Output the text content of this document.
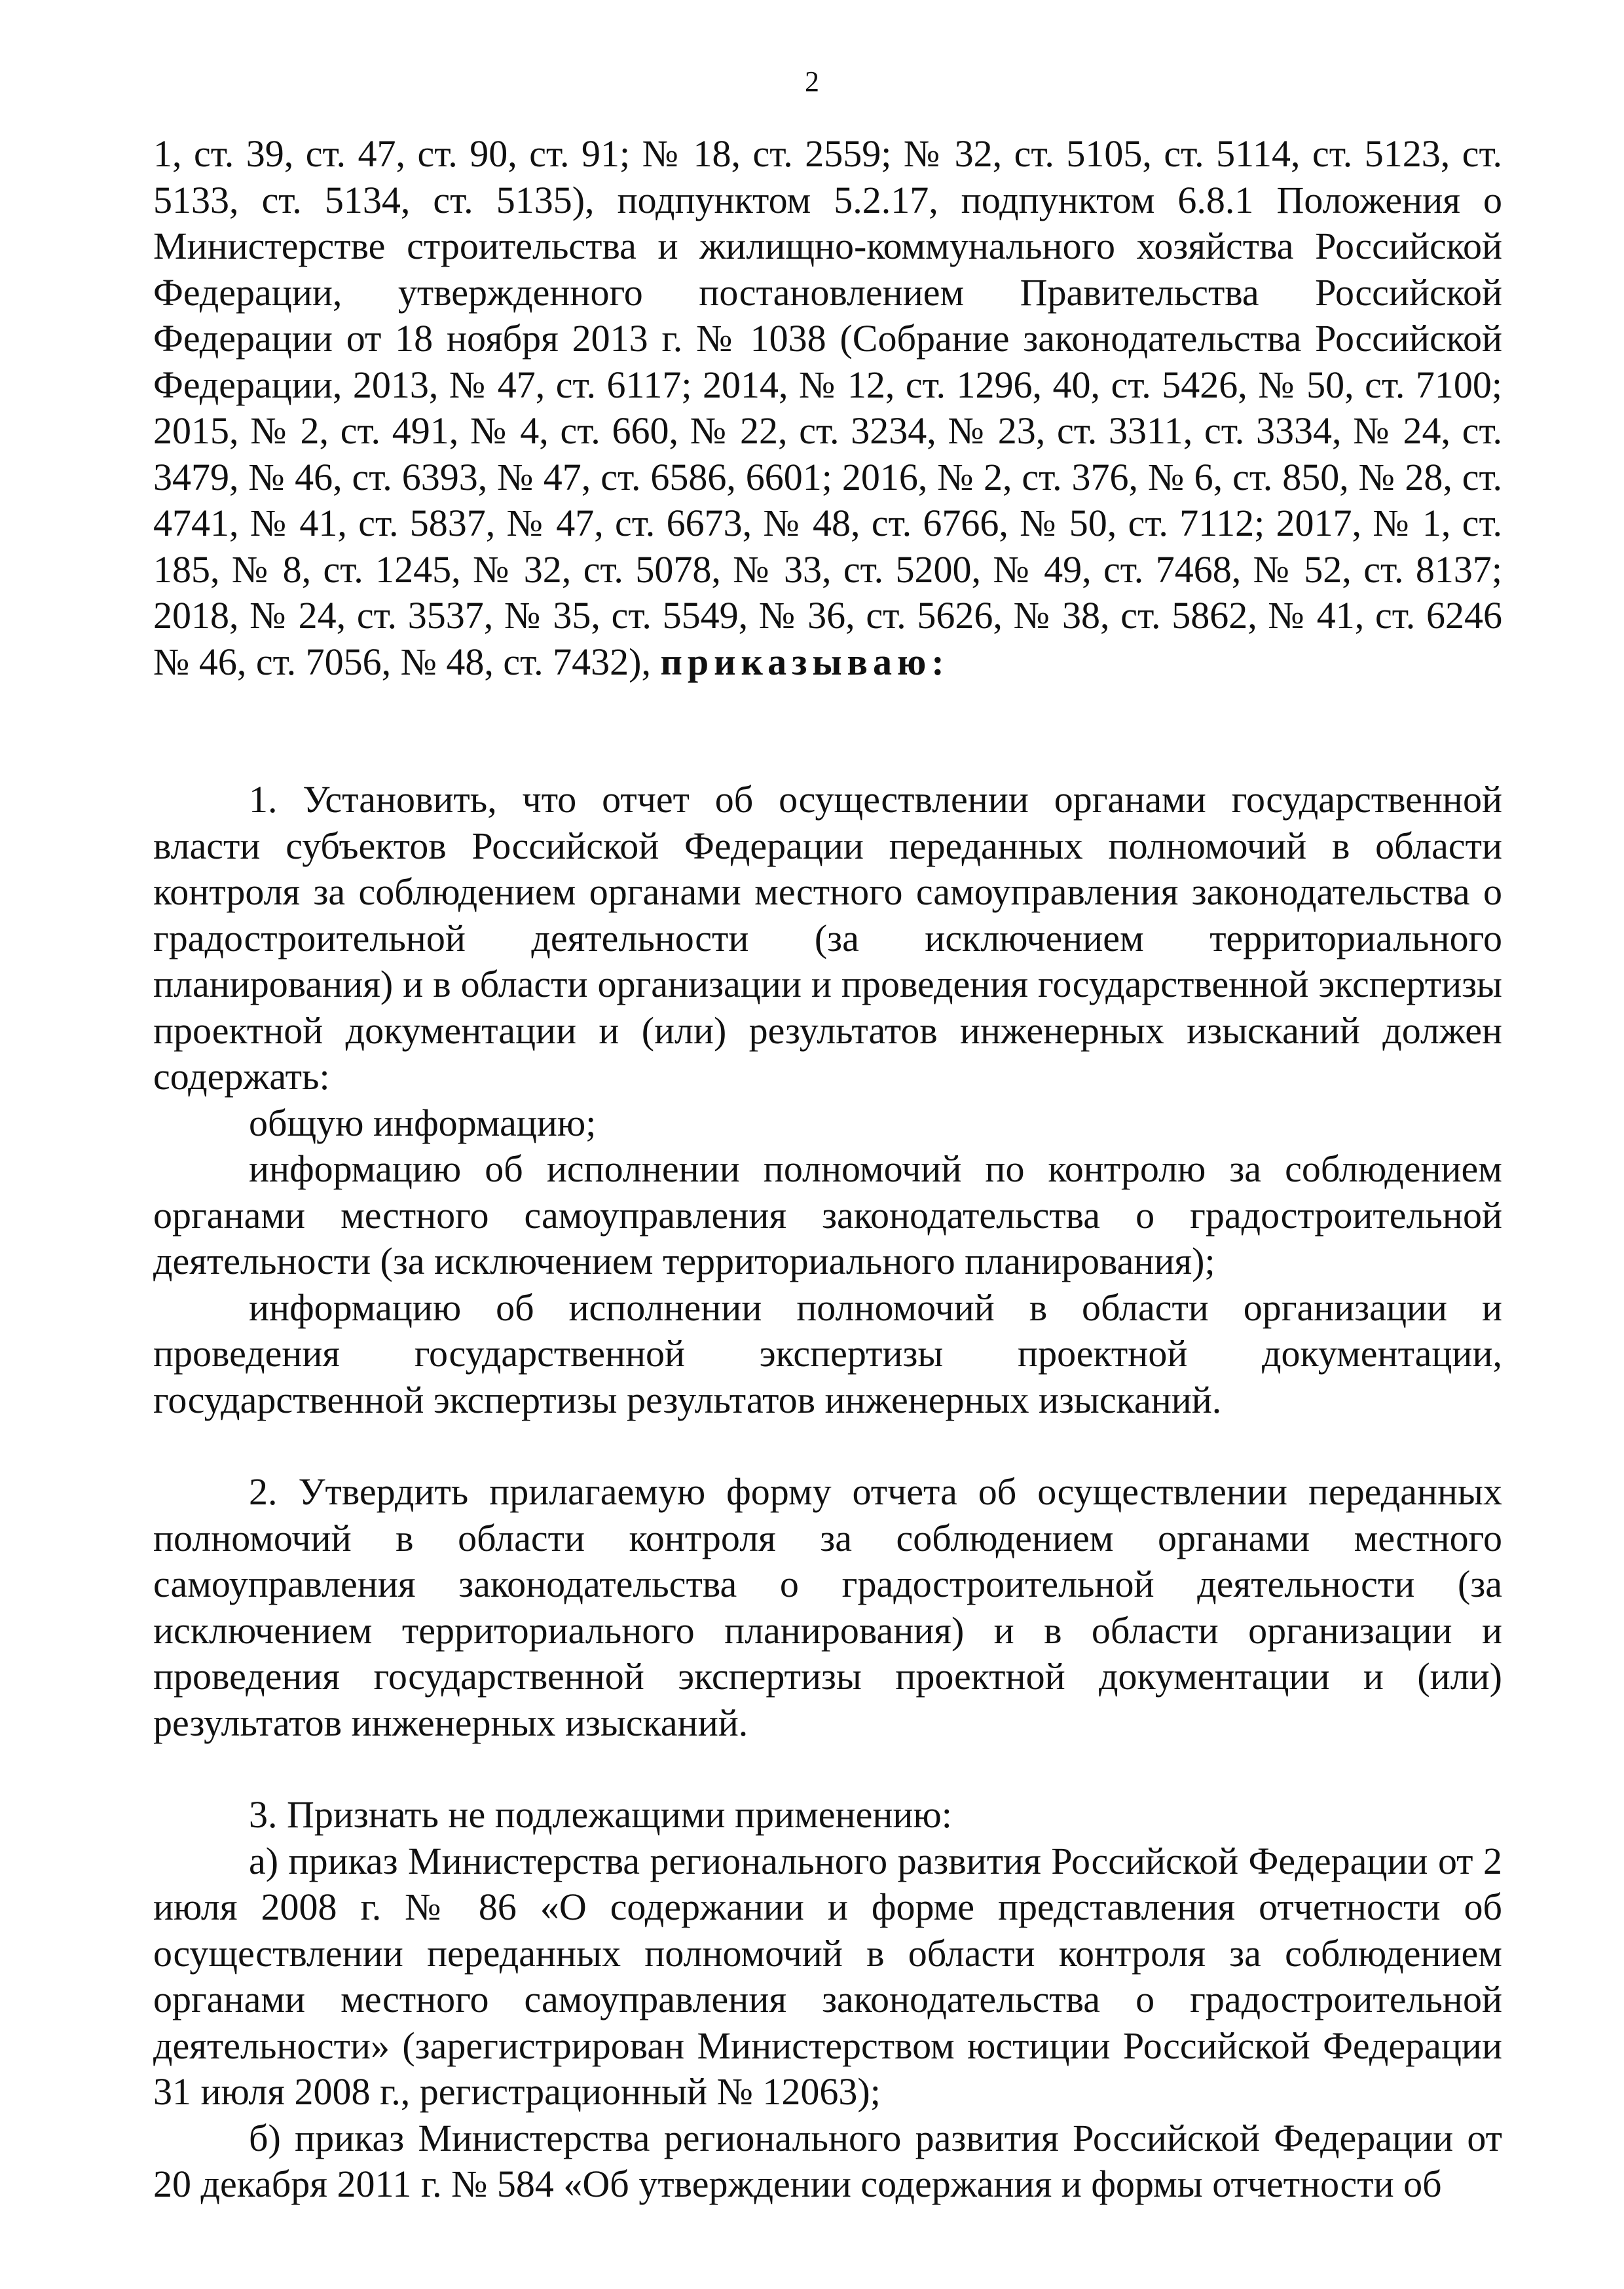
2

1, ст. 39, ст. 47, ст. 90, ст. 91; № 18, ст. 2559; № 32, ст. 5105, ст. 5114, ст. 5123, ст. 5133, ст. 5134, ст. 5135), подпунктом 5.2.17, подпунктом 6.8.1 Положения о Министерстве строительства и жилищно-коммунального хозяйства Российской Федерации, утвержденного постановлением Правительства Российской Федерации от 18 ноября 2013 г. № 1038 (Собрание законодательства Российской Федерации, 2013, № 47, ст. 6117; 2014, № 12, ст. 1296, 40, ст. 5426, № 50, ст. 7100; 2015, № 2, ст. 491, № 4, ст. 660, № 22, ст. 3234, № 23, ст. 3311, ст. 3334, № 24, ст. 3479, № 46, ст. 6393, № 47, ст. 6586, 6601; 2016, № 2, ст. 376, № 6, ст. 850, № 28, ст. 4741, № 41, ст. 5837, № 47, ст. 6673, № 48, ст. 6766, № 50, ст. 7112; 2017, № 1, ст. 185, № 8, ст. 1245, № 32, ст. 5078, № 33, ст. 5200, № 49, ст. 7468, № 52, ст. 8137; 2018, № 24, ст. 3537, № 35, ст. 5549, № 36, ст. 5626, № 38, ст. 5862, № 41, ст. 6246 № 46, ст. 7056, № 48, ст. 7432), приказываю:

1. Установить, что отчет об осуществлении органами государственной власти субъектов Российской Федерации переданных полномочий в области контроля за соблюдением органами местного самоуправления законодательства о градостроительной деятельности (за исключением территориального планирования) и в области организации и проведения государственной экспертизы проектной документации и (или) результатов инженерных изысканий должен содержать:

общую информацию;

информацию об исполнении полномочий по контролю за соблюдением органами местного самоуправления законодательства о градостроительной деятельности (за исключением территориального планирования);

информацию об исполнении полномочий в области организации и проведения государственной экспертизы проектной документации, государственной экспертизы результатов инженерных изысканий.

2. Утвердить прилагаемую форму отчета об осуществлении переданных полномочий в области контроля за соблюдением органами местного самоуправления законодательства о градостроительной деятельности (за исключением территориального планирования) и в области организации и проведения государственной экспертизы проектной документации и (или) результатов инженерных изысканий.

3. Признать не подлежащими применению:

а) приказ Министерства регионального развития Российской Федерации от 2 июля 2008 г. № 86 «О содержании и форме представления отчетности об осуществлении переданных полномочий в области контроля за соблюдением органами местного самоуправления законодательства о градостроительной деятельности» (зарегистрирован Министерством юстиции Российской Федерации 31 июля 2008 г., регистрационный № 12063);

б) приказ Министерства регионального развития Российской Федерации от 20 декабря 2011 г. № 584 «Об утверждении содержания и формы отчетности об
